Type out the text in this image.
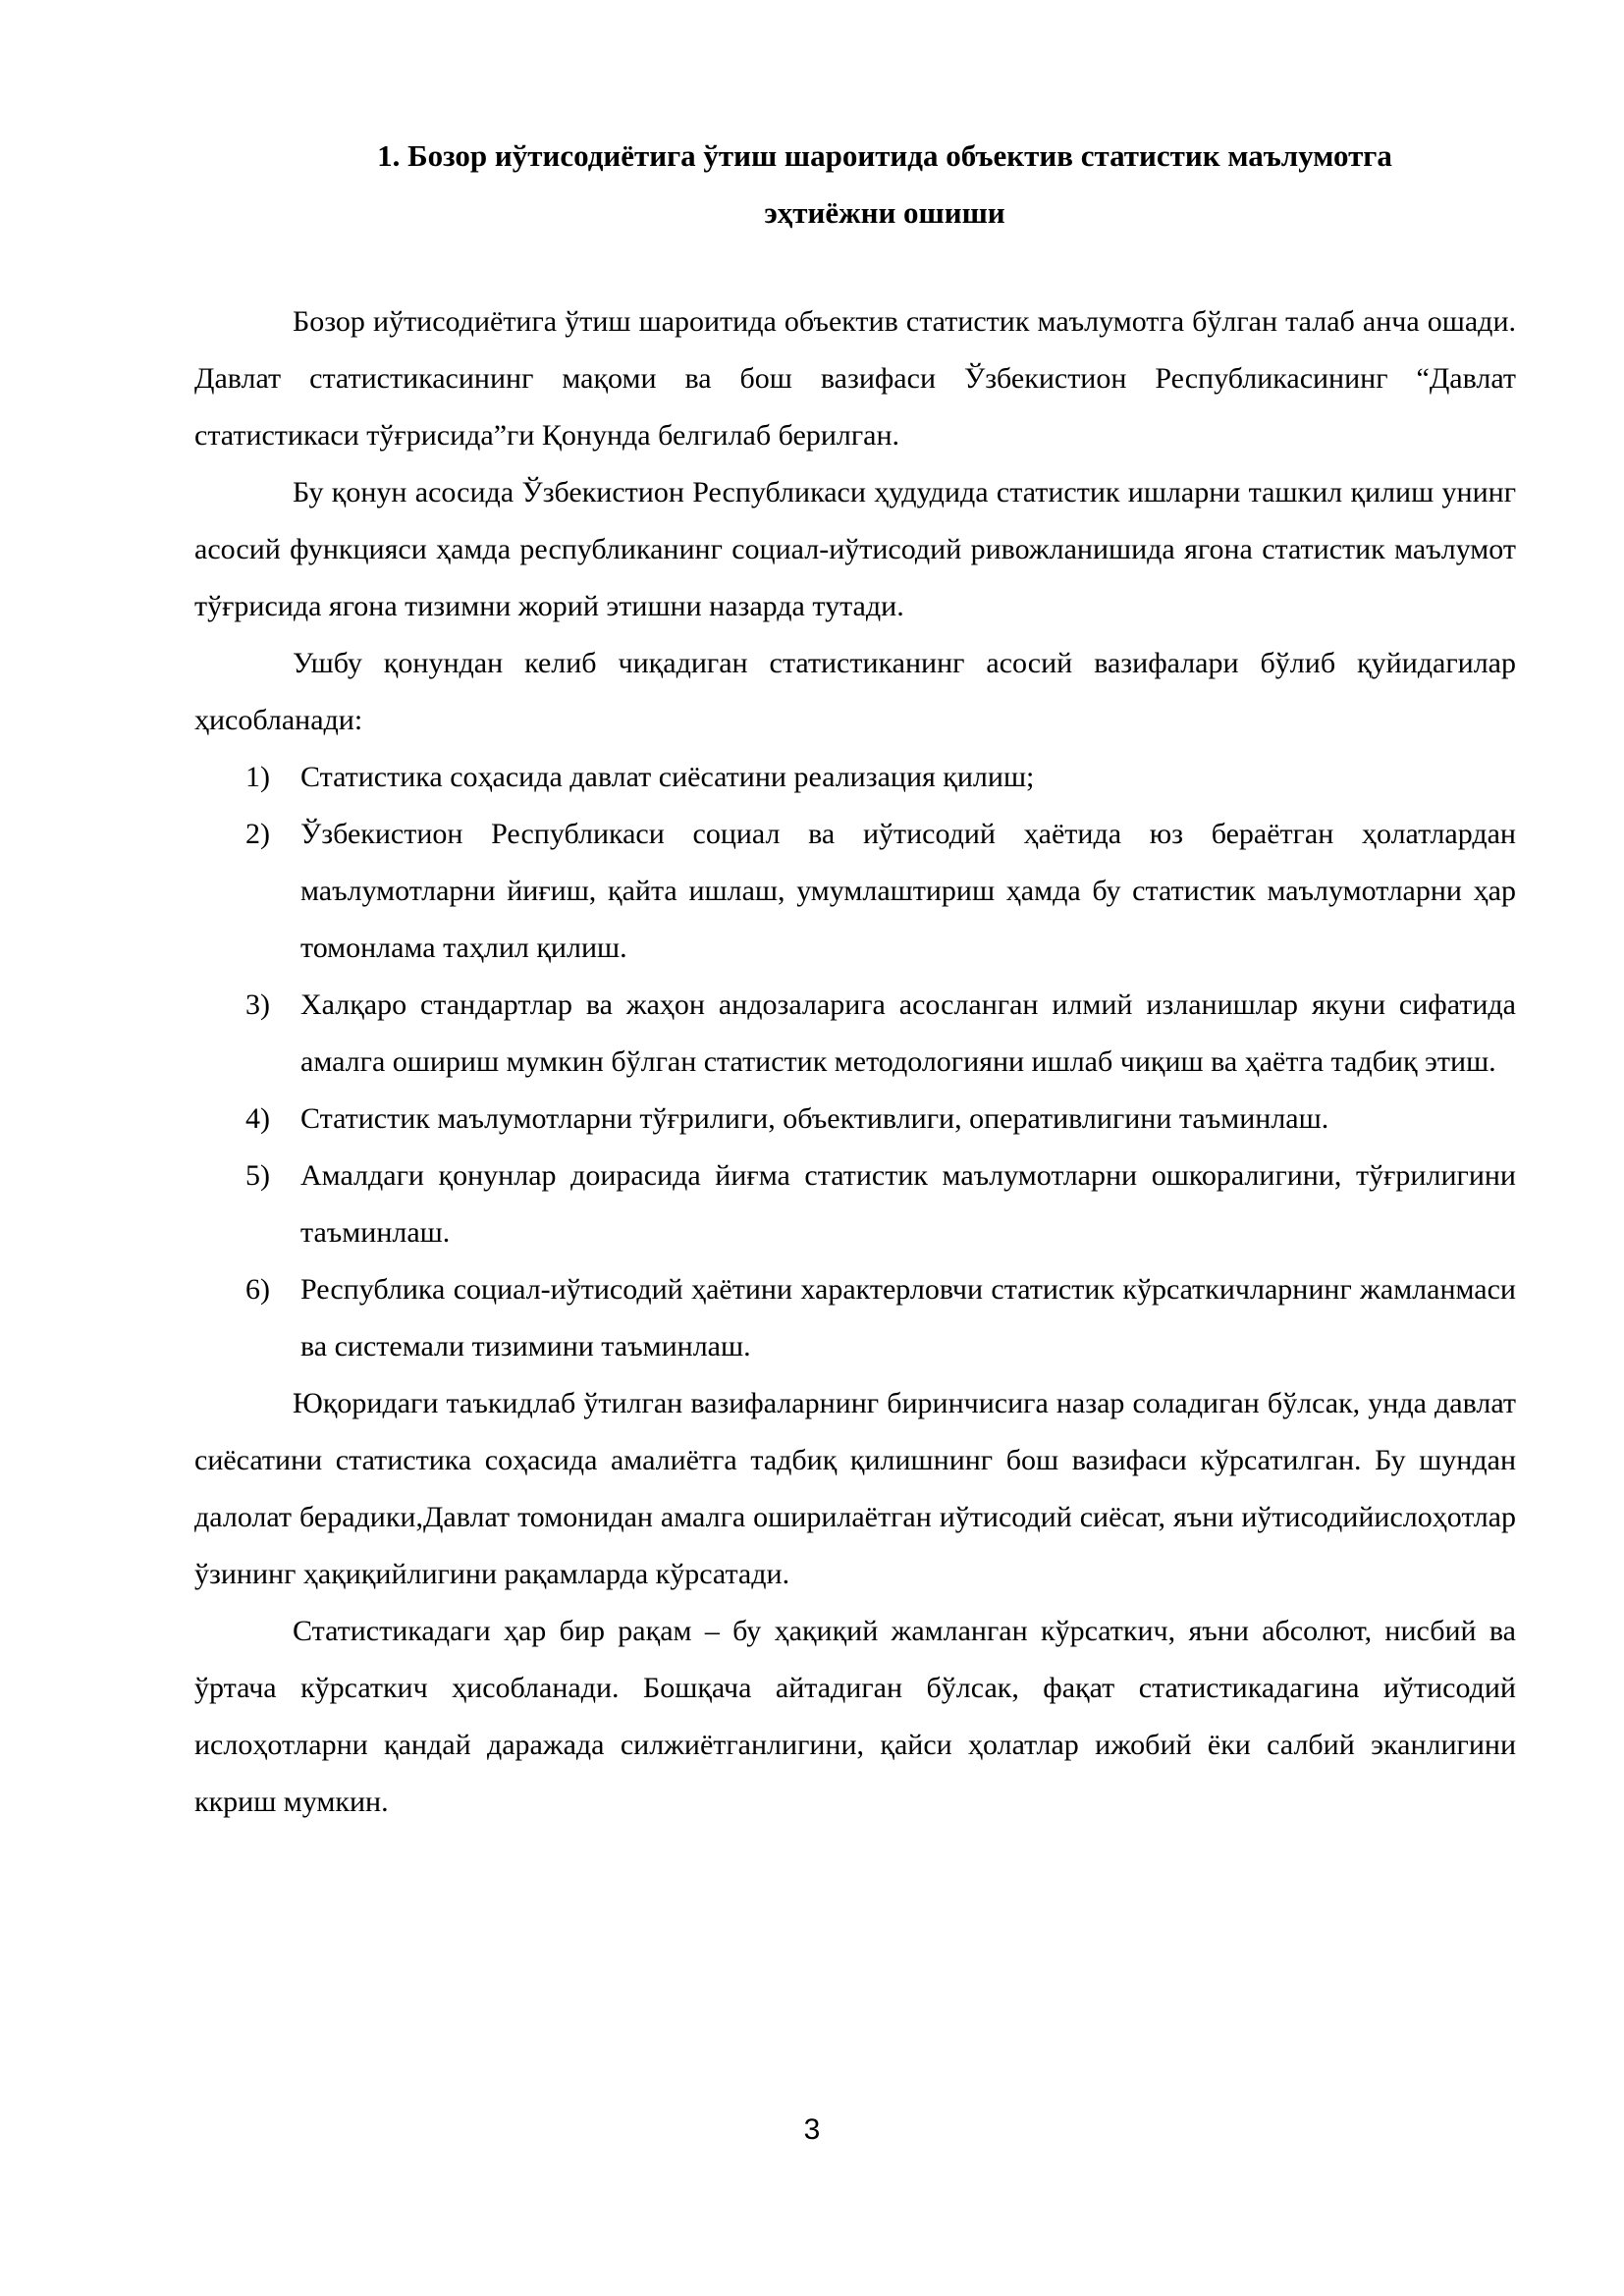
1. Бозор иўтисодиётига ўтиш шароитида объектив статистик маълумотга
эҳтиёжни ошиши

Бозор иўтисодиётига ўтиш шароитида объектив статистик маълумотга бўлган талаб анча ошади. Давлат статистикасининг мақоми ва бош вазифаси Ўзбекистион Республикасининг “Давлат статистикаси тўғрисида”ги Қонунда белгилаб берилган.

Бу қонун асосида Ўзбекистион Республикаси ҳудудида статистик ишларни ташкил қилиш унинг асосий функцияси ҳамда республиканинг социал-иўтисодий ривожланишида ягона статистик маълумот тўғрисида ягона тизимни жорий этишни назарда тутади.

Ушбу қонундан келиб чиқадиган статистиканинг асосий вазифалари бўлиб қуйидагилар ҳисобланади:

1) Статистика соҳасида давлат сиёсатини реализация қилиш;
2) Ўзбекистион Республикаси социал ва иўтисодий ҳаётида юз бераётган ҳолатлардан маълумотларни йиғиш, қайта ишлаш, умумлаштириш ҳамда бу статистик маълумотларни ҳар томонлама таҳлил қилиш.
3) Халқаро стандартлар ва жаҳон андозаларига асосланган илмий изланишлар якуни сифатида амалга ошириш мумкин бўлган статистик методологияни ишлаб чиқиш ва ҳаётга тадбиқ этиш.
4) Статистик маълумотларни тўғрилиги, объективлиги, оперативлигини таъминлаш.
5) Амалдаги қонунлар доирасида йиғма статистик маълумотларни ошкоралигини, тўғрилигини таъминлаш.
6) Республика социал-иўтисодий ҳаётини характерловчи статистик кўрсаткичларнинг жамланмаси ва системали тизимини таъминлаш.

Юқоридаги таъкидлаб ўтилган вазифаларнинг биринчисига назар соладиган бўлсак, унда давлат сиёсатини статистика соҳасида амалиётга тадбиқ қилишнинг бош вазифаси кўрсатилган. Бу шундан далолат берадики,Давлат томонидан амалга оширилаётган иўтисодий сиёсат, яъни иўтисодийислоҳотлар ўзининг ҳақиқийлигини рақамларда кўрсатади.

Статистикадаги ҳар бир рақам – бу ҳақиқий жамланган кўрсаткич, яъни абсолют, нисбий ва ўртача кўрсаткич ҳисобланади. Бошқача айтадиган бўлсак, фақат статистикадагина иўтисодий ислоҳотларни қандай даражада силжиётганлигини, қайси ҳолатлар ижобий ёки салбий эканлигини ккриш мумкин.

3
